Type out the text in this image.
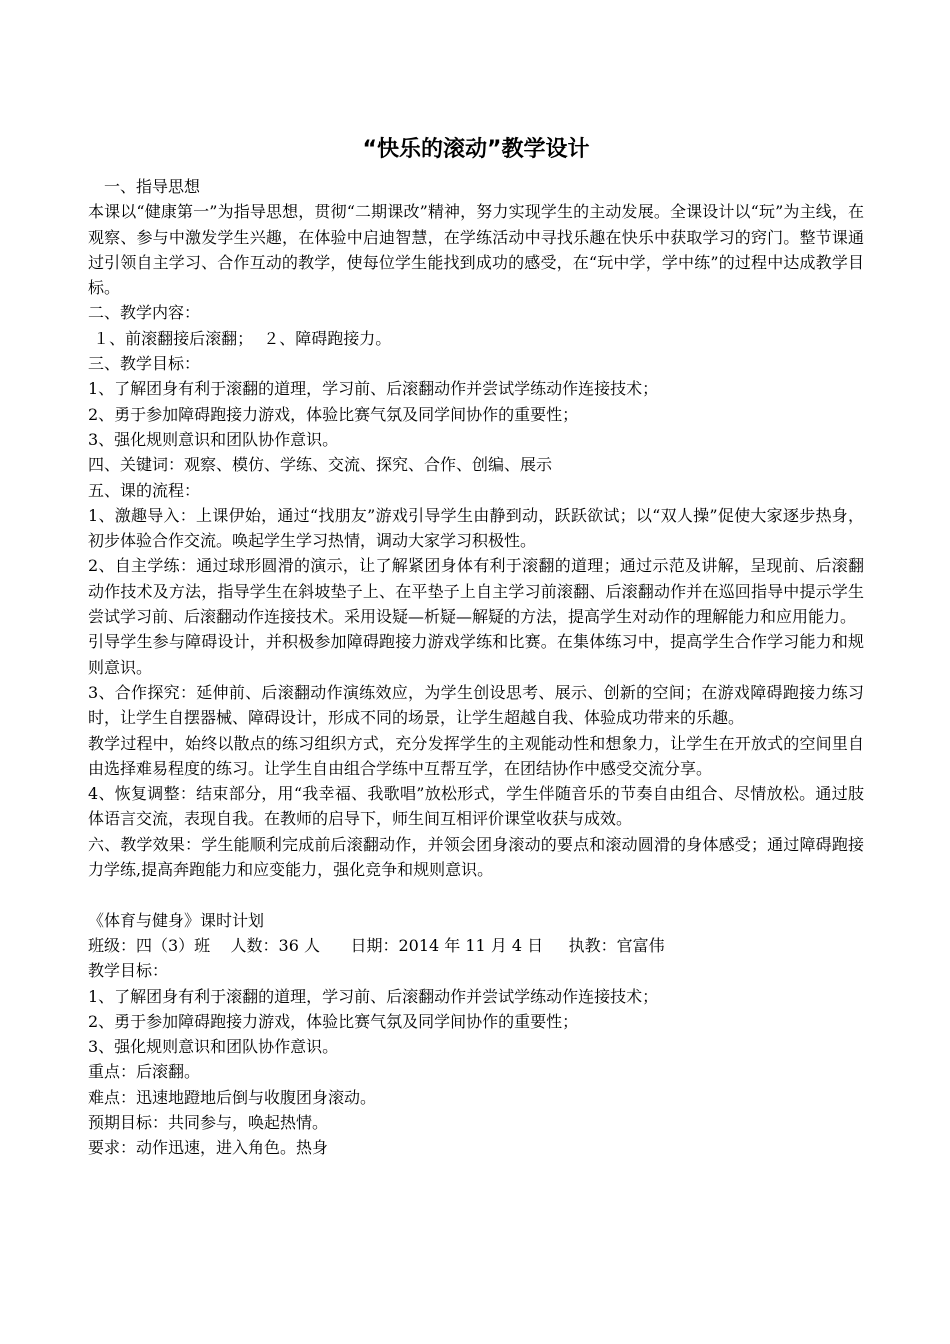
“快乐的滚动”教学设计
　一、指导思想
本课以“健康第一”为指导思想，贯彻“二期课改”精神，努力实现学生的主动发展。全课设计以“玩”为主线，在观察、参与中激发学生兴趣，在体验中启迪智慧，在学练活动中寻找乐趣在快乐中获取学习的窍门。整节课通过引领自主学习、合作互动的教学，使每位学生能找到成功的感受，在“玩中学，学中练”的过程中达成教学目标。
二、教学内容：
１、前滚翻接后滚翻；  ２、障碍跑接力。
三、教学目标：
1、了解团身有利于滚翻的道理，学习前、后滚翻动作并尝试学练动作连接技术；
2、勇于参加障碍跑接力游戏，体验比赛气氛及同学间协作的重要性；
3、强化规则意识和团队协作意识。
四、关键词：观察、模仿、学练、交流、探究、合作、创编、展示
五、课的流程：
1、激趣导入：上课伊始，通过“找朋友”游戏引导学生由静到动，跃跃欲试；以“双人操”促使大家逐步热身，初步体验合作交流。唤起学生学习热情，调动大家学习积极性。
2、自主学练：通过球形圆滑的演示，让了解紧团身体有利于滚翻的道理；通过示范及讲解，呈现前、后滚翻动作技术及方法，指导学生在斜坡垫子上、在平垫子上自主学习前滚翻、后滚翻动作并在巡回指导中提示学生尝试学习前、后滚翻动作连接技术。采用设疑—析疑—解疑的方法，提高学生对动作的理解能力和应用能力。
引导学生参与障碍设计，并积极参加障碍跑接力游戏学练和比赛。在集体练习中，提高学生合作学习能力和规则意识。
3、合作探究：延伸前、后滚翻动作演练效应，为学生创设思考、展示、创新的空间；在游戏障碍跑接力练习时，让学生自摆器械、障碍设计，形成不同的场景，让学生超越自我、体验成功带来的乐趣。
教学过程中，始终以散点的练习组织方式，充分发挥学生的主观能动性和想象力，让学生在开放式的空间里自由选择难易程度的练习。让学生自由组合学练中互帮互学，在团结协作中感受交流分享。
4、恢复调整：结束部分，用“我幸福、我歌唱”放松形式，学生伴随音乐的节奏自由组合、尽情放松。通过肢体语言交流，表现自我。在教师的启导下，师生间互相评价课堂收获与成效。
六、教学效果：学生能顺利完成前后滚翻动作，并领会团身滚动的要点和滚动圆滑的身体感受；通过障碍跑接力学练,提高奔跑能力和应变能力，强化竞争和规则意识。
《体育与健身》课时计划
班级：四（3）班    人数：36 人      日期：2014 年 11 月 4 日     执教：官富伟
教学目标：
1、了解团身有利于滚翻的道理，学习前、后滚翻动作并尝试学练动作连接技术；
2、勇于参加障碍跑接力游戏，体验比赛气氛及同学间协作的重要性；
3、强化规则意识和团队协作意识。
重点：后滚翻。
难点：迅速地蹬地后倒与收腹团身滚动。
预期目标：共同参与，唤起热情。
要求：动作迅速，进入角色。热身
